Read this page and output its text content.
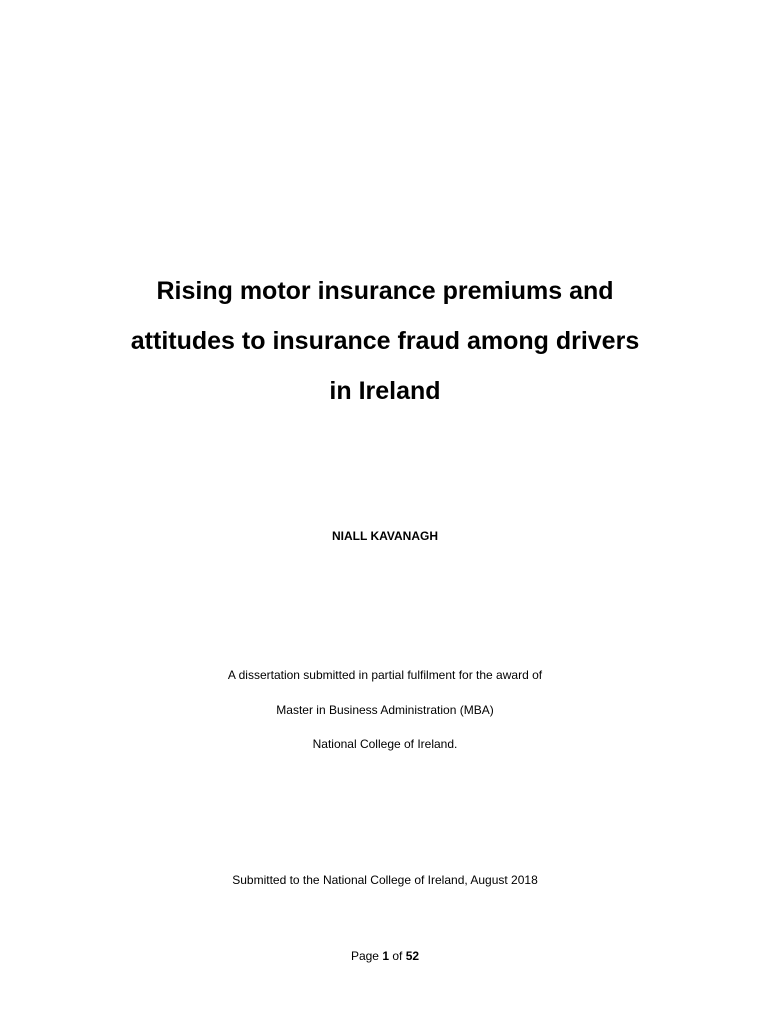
Rising motor insurance premiums and
attitudes to insurance fraud among drivers
in Ireland
NIALL KAVANAGH
A dissertation submitted in partial fulfilment for the award of
Master in Business Administration (MBA)
National College of Ireland.
Submitted to the National College of Ireland, August 2018
Page 1 of 52
